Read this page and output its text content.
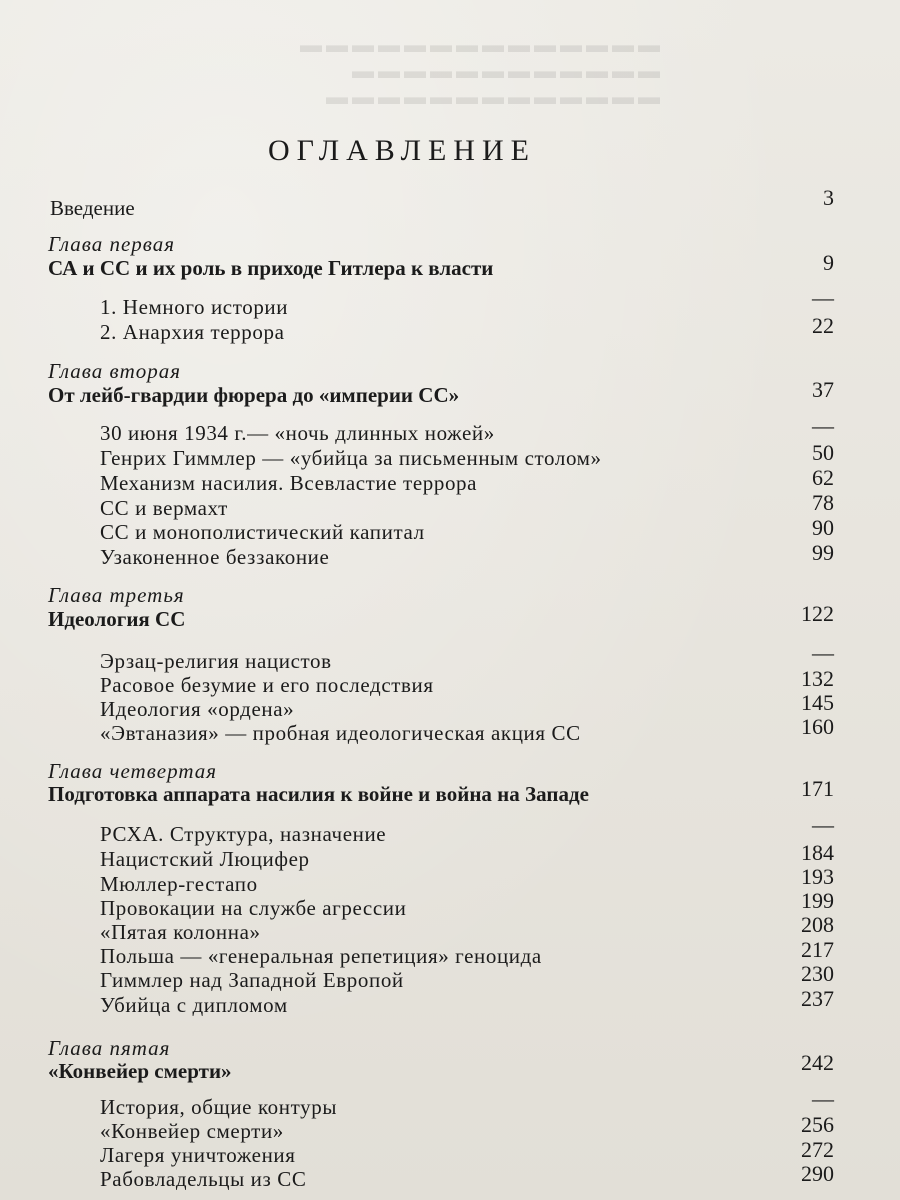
▬▬▬▬▬▬▬▬▬▬▬▬▬▬
▬▬▬▬▬▬▬▬▬▬▬▬
▬▬▬▬▬▬▬▬▬▬▬▬▬
ОГЛАВЛЕНИЕ
Введение	3
Глава первая
СА и СС и их роль в приходе Гитлера к власти	9
1. Немного истории	—
2. Анархия террора	22
Глава вторая
От лейб-гвардии фюрера до «империи СС»	37
30 июня 1934 г.— «ночь длинных ножей»	—
Генрих Гиммлер — «убийца за письменным столом»	50
Механизм насилия. Всевластие террора	62
СС и вермахт	78
СС и монополистический капитал	90
Узаконенное беззаконие	99
Глава третья
Идеология СС	122
Эрзац-религия нацистов	—
Расовое безумие и его последствия	132
Идеология «ордена»	145
«Эвтаназия» — пробная идеологическая акция СС	160
Глава четвертая
Подготовка аппарата насилия к войне и война на Западе	171
РСХА. Структура, назначение	—
Нацистский Люцифер	184
Мюллер-гестапо	193
Провокации на службе агрессии	199
«Пятая колонна»	208
Польша — «генеральная репетиция» геноцида	217
Гиммлер над Западной Европой	230
Убийца с дипломом	237
Глава пятая
«Конвейер смерти»	242
История, общие контуры	—
«Конвейер смерти»	256
Лагеря уничтожения	272
Рабовладельцы из СС	290
